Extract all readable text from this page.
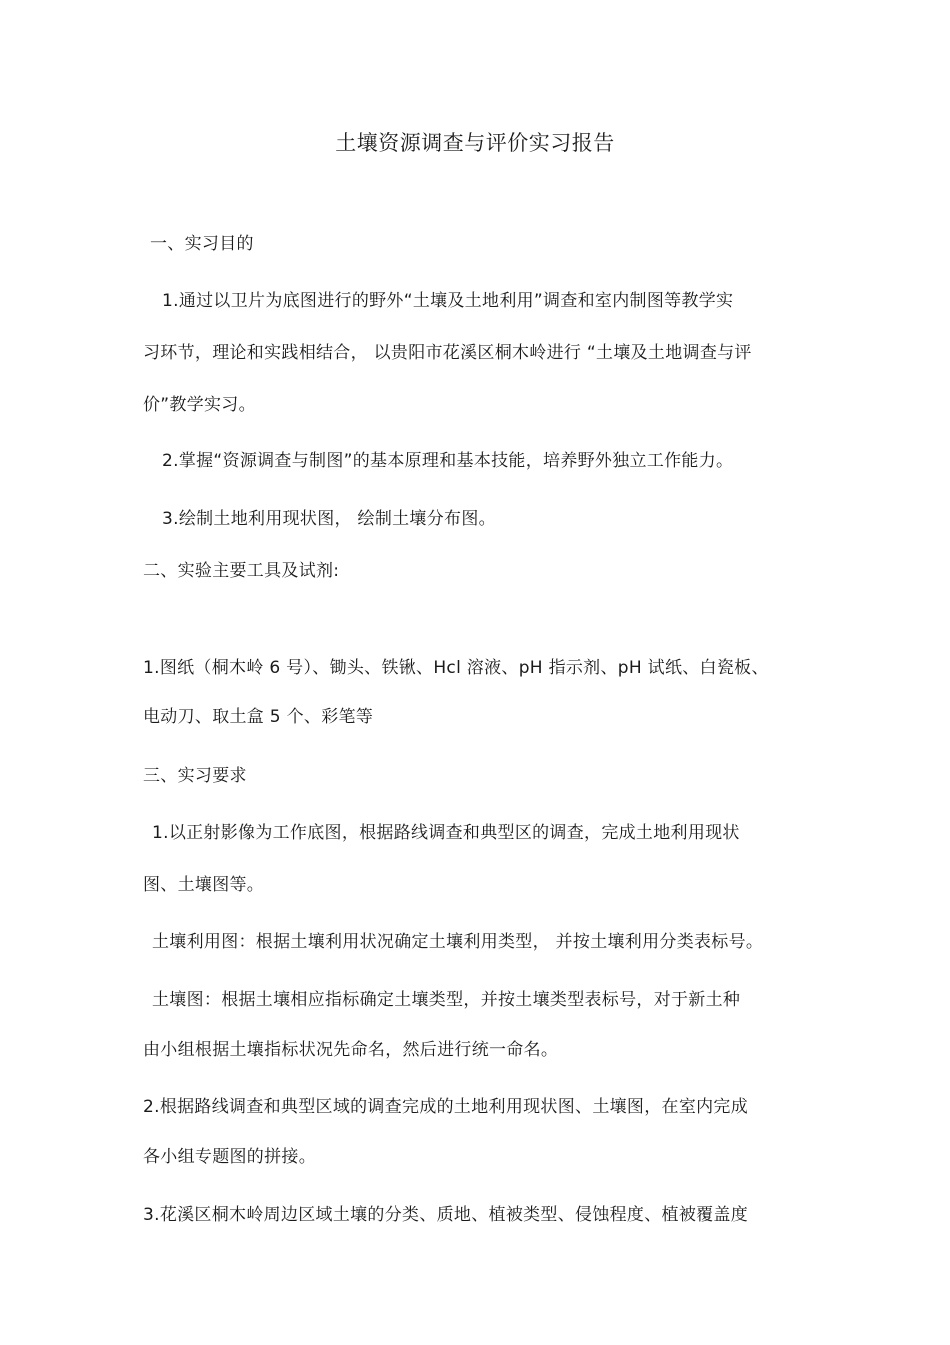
土壤资源调查与评价实习报告
一、实习目的
1.通过以卫片为底图进行的野外“土壤及土地利用”调查和室内制图等教学实
习环节，理论和实践相结合， 以贵阳市花溪区桐木岭进行 “土壤及土地调查与评
价”教学实习。
2.掌握“资源调查与制图”的基本原理和基本技能，培养野外独立工作能力。
3.绘制土地利用现状图， 绘制土壤分布图。
二、实验主要工具及试剂:
1.图纸（桐木岭 6 号）、锄头、铁锹、Hcl 溶液、pH 指示剂、pH 试纸、白瓷板、
电动刀、取土盒 5 个、彩笔等
三、实习要求
1.以正射影像为工作底图，根据路线调查和典型区的调查，完成土地利用现状
图、土壤图等。
土壤利用图：根据土壤利用状况确定土壤利用类型， 并按土壤利用分类表标号。
土壤图：根据土壤相应指标确定土壤类型，并按土壤类型表标号，对于新土种
由小组根据土壤指标状况先命名，然后进行统一命名。
2.根据路线调查和典型区域的调查完成的土地利用现状图、土壤图，在室内完成
各小组专题图的拼接。
3.花溪区桐木岭周边区域土壤的分类、质地、植被类型、侵蚀程度、植被覆盖度
